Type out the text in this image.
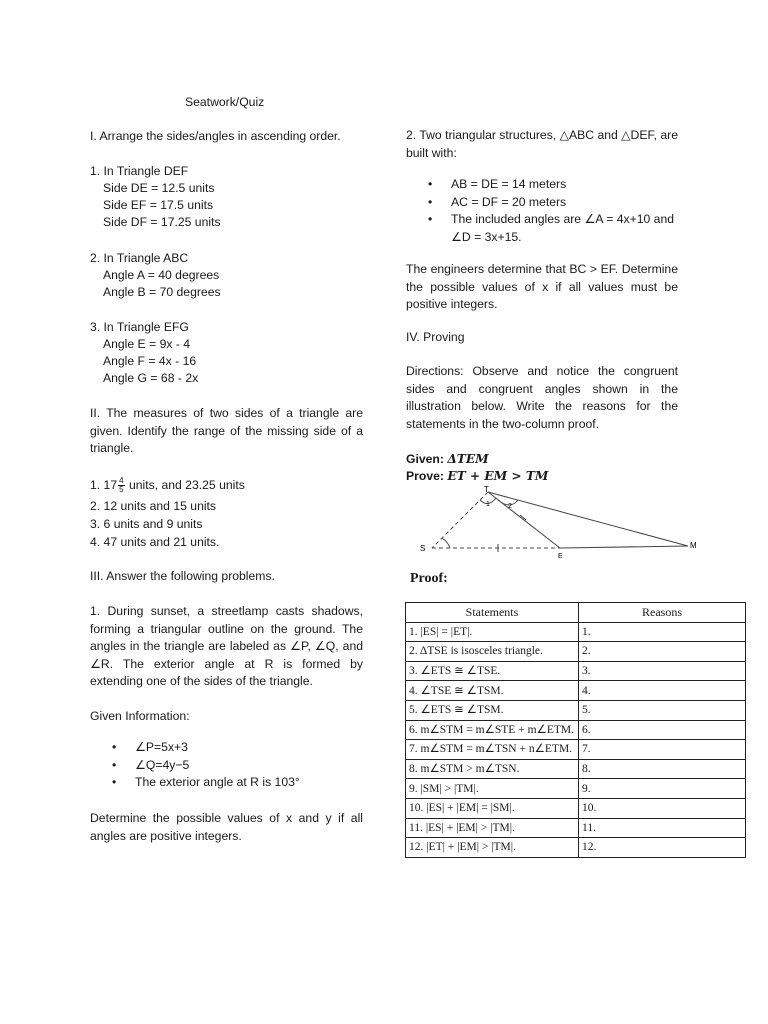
Seatwork/Quiz
I. Arrange the sides/angles in ascending order.
1. In Triangle DEF
Side DE = 12.5 units
Side EF = 17.5 units
Side DF = 17.25 units
2. In Triangle ABC
Angle A = 40 degrees
Angle B = 70 degrees
3. In Triangle EFG
Angle E = 9x - 4
Angle F = 4x - 16
Angle G = 68 - 2x
II. The measures of two sides of a triangle are given. Identify the range of the missing side of a triangle.
1. $17 \frac{4}{5}$ units, and 23.25 units
2. 12 units and 15 units
3. 6 units and 9 units
4. 47 units and 21 units.
III. Answer the following problems.
1. During sunset, a streetlamp casts shadows, forming a triangular outline on the ground. The angles in the triangle are labeled as ∠P, ∠Q, and ∠R. The exterior angle at R is formed by extending one of the sides of the triangle.
Given Information:
• ∠P=5x+3
• ∠Q=4y−5
• The exterior angle at R is 103°
Determine the possible values of x and y if all angles are positive integers.
2. Two triangular structures, △ABC and △DEF, are built with:
• AB = DE = 14 meters
• AC = DF = 20 meters
• The included angles are ∠A = 4x+10 and ∠D = 3x+15.
The engineers determine that BC > EF. Determine the possible values of x if all values must be positive integers.
IV. Proving
Directions: Observe and notice the congruent sides and congruent angles shown in the illustration below. Write the reasons for the statements in the two-column proof.
Given: ΔTEM
Prove: ET + EM > TM
T
S
E
M
1	2
Proof:
Statements	Reasons
1. |ES| = |ET|.	1.
2. ΔTSE is isosceles triangle.	2.
3. ∠ETS ≅ ∠TSE.	3.
4. ∠TSE ≅ ∠TSM.	4.
5. ∠ETS ≅ ∠TSM.	5.
6. m∠STM = m∠STE + m∠ETM.	6.
7. m∠STM = m∠TSN + n∠ETM.	7.
8. m∠STM > m∠TSN.	8.
9. |SM| > |TM|.	9.
10. |ES| + |EM| = |SM|.	10.
11. |ES| + |EM| > |TM|.	11.
12. |ET| + |EM| > |TM|.	12.
